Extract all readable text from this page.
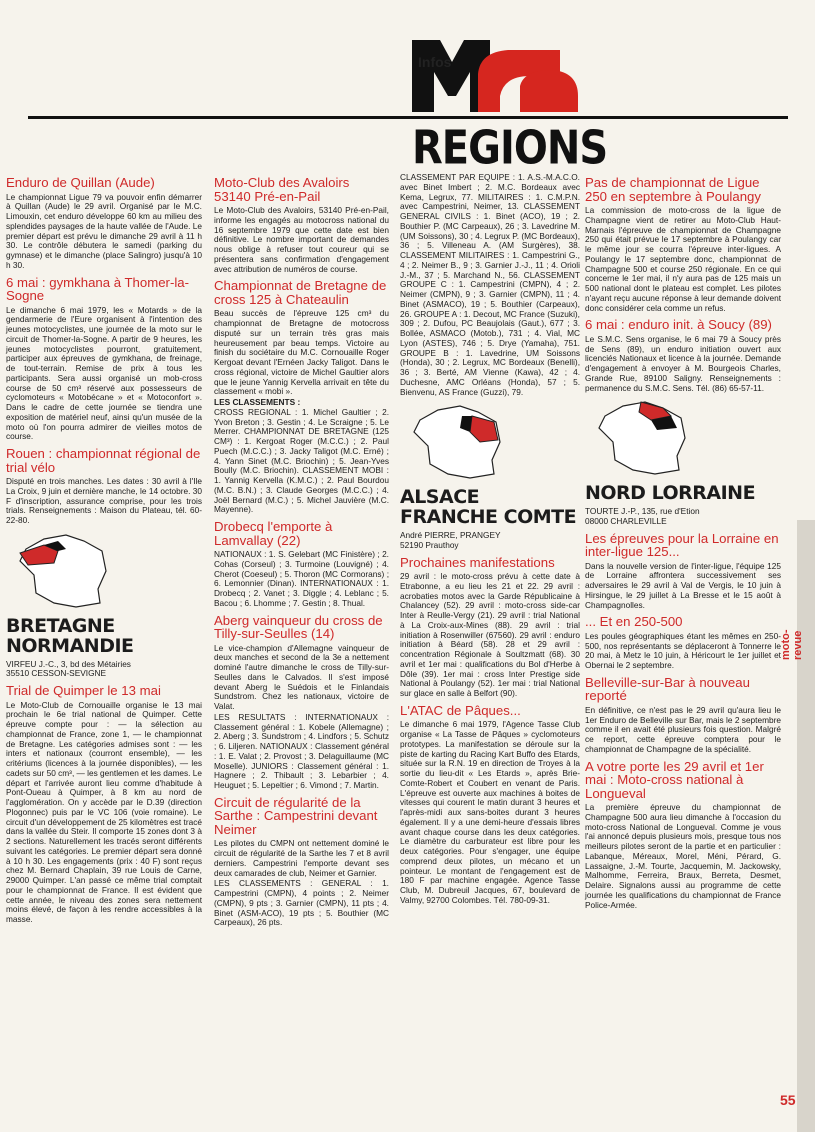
Infos
REGIONS
Enduro de Quillan (Aude)

Le championnat Ligue 79 va pouvoir enfin démarrer à Quillan (Aude) le 29 avril. Organisé par le M.C. Limouxin, cet enduro développe 60 km au milieu des splendides paysages de la haute vallée de l'Aude. Le premier départ est prévu le dimanche 29 avril à 11 h 30. Le contrôle débutera le samedi (parking du gymnase) et le dimanche (place Salingro) jusqu'à 10 h 30.

6 mai : gymkhana à Thomer-la-Sogne

Le dimanche 6 mai 1979, les « Motards » de la gendarmerie de l'Eure organisent à l'intention des jeunes motocyclistes, une journée de la moto sur le circuit de Thomer-la-Sogne. A partir de 9 heures, les jeunes motocyclistes pourront, gratuitement, participer aux épreuves de gymkhana, de freinage, de tout-terrain. Remise de prix à tous les participants. Sera aussi organisé un mob-cross course de 50 cm³ réservé aux possesseurs de cyclomoteurs « Motobécane » et « Motoconfort ». Dans le cadre de cette journée se tiendra une exposition de matériel neuf, ainsi qu'un musée de la moto où l'on pourra admirer de vieilles motos de course.

Rouen : championnat régional de trial vélo

Disputé en trois manches. Les dates : 30 avril à l'Ile La Croix, 9 juin et dernière manche, le 14 octobre. 30 F d'inscription, assurance comprise, pour les trois trials. Renseignements : Maison du Plateau, tél. 60-22-80.

BRETAGNE
NORMANDIE
VIRFEU J.-C., 3, bd des Métairies
35510 CESSON-SEVIGNE
Trial de Quimper le 13 mai

Le Moto-Club de Cornouaille organise le 13 mai prochain le 6e trial national de Quimper. Cette épreuve compte pour : — la sélection au championnat de France, zone 1, — le championnat de Bretagne. Les catégories admises sont : — les inters et nationaux (courront ensemble), — les critériums (licences à la journée disponibles), — les cadets sur 50 cm³, — les gentlemen et les dames. Le départ et l'arrivée auront lieu comme d'habitude à Pont-Oueau à Quimper, à 8 km au nord de l'agglomération. On y accède par le D.39 (direction Plogonnec) puis par le VC 106 (voie romaine). Le circuit d'un développement de 25 kilomètres est tracé dans la vallée du Steir. Il comporte 15 zones dont 3 à 2 sections. Naturellement les tracés seront différents suivant les catégories. Le premier départ sera donné à 10 h 30. Les engagements (prix : 40 F) sont reçus chez M. Bernard Chaplain, 39 rue Louis de Carne, 29000 Quimper. L'an passé ce même trial comptait pour le championnat de France. Il est évident que cette année, le niveau des zones sera nettement moins élevé, de façon à les rendre accessibles à la masse.

Moto-Club des Avaloirs 53140 Pré-en-Pail

Le Moto-Club des Avaloirs, 53140 Pré-en-Pail, informe les engagés au motocross national du 16 septembre 1979 que cette date est bien définitive. Le nombre important de demandes nous oblige à refuser tout coureur qui se présentera sans confirmation d'engagement avec attribution de numéros de course.

Championnat de Bretagne de cross 125 à Chateaulin

Beau succès de l'épreuve 125 cm³ du championnat de Bretagne de motocross disputé sur un terrain très gras mais heureusement par beau temps. Victoire au finish du sociétaire du M.C. Cornouaille Roger Kergoat devant l'Ernéen Jacky Taligot. Dans le cross régional, victoire de Michel Gaultier alors que le jeune Yannig Kervella arrivait en tête du classement « mobi ».

LES CLASSEMENTS :

CROSS REGIONAL : 1. Michel Gaultier ; 2. Yvon Breton ; 3. Gestin ; 4. Le Scraigne ; 5. Le Merrer. CHAMPIONNAT DE BRETAGNE (125 CM³) : 1. Kergoat Roger (M.C.C.) ; 2. Paul Puech (M.C.C.) ; 3. Jacky Taligot (M.C. Erné) ; 4. Yann Sinet (M.C. Briochin) ; 5. Jean-Yves Boully (M.C. Briochin). CLASSEMENT MOBI : 1. Yannig Kervella (K.M.C.) ; 2. Paul Bourdou (M.C. B.N.) ; 3. Claude Georges (M.C.C.) ; 4. Joël Bernard (M.C.) ; 5. Michel Jauvière (M.C. Mayenne).

Drobecq l'emporte à Lamvallay (22)

NATIONAUX : 1. S. Gelebart (MC Finistère) ; 2. Cohas (Corseul) ; 3. Turmoine (Louvigné) ; 4. Cherot (Coeseul) ; 5. Thoron (MC Cormorans) ; 6. Lemonnier (Dinan). INTERNATIONAUX : 1. Drobecq ; 2. Vanet ; 3. Diggle ; 4. Leblanc ; 5. Bacou ; 6. Lhomme ; 7. Gestin ; 8. Thual.

Aberg vainqueur du cross de Tilly-sur-Seulles (14)

Le vice-champion d'Allemagne vainqueur de deux manches et second de la 3e a nettement dominé l'autre dimanche le cross de Tilly-sur-Seulles dans le Calvados. Il s'est imposé devant Aberg le Suédois et le Finlandais Sundstrom. Chez les nationaux, victoire de Valat.

LES RESULTATS : INTERNATIONAUX : Classement général : 1. Kobele (Allemagne) ; 2. Aberg ; 3. Sundstrom ; 4. Lindfors ; 5. Schutz ; 6. Liljeren. NATIONAUX : Classement général : 1. E. Valat ; 2. Provost ; 3. Delaguillaume (MC Moselle). JUNIORS : Classement général : 1. Hagnere ; 2. Thibault ; 3. Lebarbier ; 4. Heuguet ; 5. Lepeltier ; 6. Vimond ; 7. Martin.

Circuit de régularité de la Sarthe : Campestrini devant Neimer

Les pilotes du CMPN ont nettement dominé le circuit de régularité de la Sarthe les 7 et 8 avril derniers. Campestrini l'emporte devant ses deux camarades de club, Neimer et Garnier.

LES CLASSEMENTS : GENERAL : 1. Campestrini (CMPN), 4 points ; 2. Neimer (CMPN), 9 pts ; 3. Garnier (CMPN), 11 pts ; 4. Binet (ASM-ACO), 19 pts ; 5. Bouthier (MC Carpeaux), 26 pts.

CLASSEMENT PAR EQUIPE : 1. A.S.-M.A.C.O. avec Binet Imbert ; 2. M.C. Bordeaux avec Kema, Legrux, 77. MILITAIRES : 1. C.M.P.N. avec Campestrini, Neimer, 13. CLASSEMENT GENERAL CIVILS : 1. Binet (ACO), 19 ; 2. Bouthier P. (MC Carpeaux), 26 ; 3. Lavedrine M. (UM Soissons), 30 ; 4. Legrux P. (MC Bordeaux), 36 ; 5. Villeneau A. (AM Surgères), 38. CLASSEMENT MILITAIRES : 1. Campestrini G., 4 ; 2. Neimer B., 9 ; 3. Garnier J.-J., 11 ; 4. Orioli J.-M., 37 ; 5. Marchand N., 56. CLASSEMENT GROUPE C : 1. Campestrini (CMPN), 4 ; 2. Neimer (CMPN), 9 ; 3. Garnier (CMPN), 11 ; 4. Binet (ASMACO), 19 ; 5. Bouthier (Carpeaux), 26. GROUPE A : 1. Decout, MC France (Suzuki), 309 ; 2. Dufou, PC Beaujolais (Gaut.), 677 ; 3. Bollée, ASMACO (Motob.), 731 ; 4. Vial, MC Lyon (ASTES), 746 ; 5. Drye (Yamaha), 751. GROUPE B : 1. Lavedrine, UM Soissons (Honda), 30 ; 2. Legrux, MC Bordeaux (Benelli), 36 ; 3. Berté, AM Vienne (Kawa), 42 ; 4. Duchesne, AMC Orléans (Honda), 57 ; 5. Bienvenu, AS France (Guzzi), 79.

ALSACE
FRANCHE COMTE
André PIERRE, PRANGEY
52190 Prauthoy
Prochaines manifestations

29 avril : le moto-cross prévu à cette date à Etrabonne, a eu lieu les 21 et 22. 29 avril : acrobaties motos avec la Garde Républicaine à Chalancey (52). 29 avril : moto-cross side-car Inter à Reulle-Vergy (21). 29 avril : trial National à La Croix-aux-Mines (88). 29 avril : trial initiation à Rosenwiller (67560). 29 avril : enduro initiation à Béard (58). 28 et 29 avril : concentration Régionale à Soultzmatt (68). 30 avril et 1er mai : qualifications du Bol d'Herbe à Dôle (39). 1er mai : cross Inter Prestige side National à Poulangy (52). 1er mai : trial National sur glace en salle à Belfort (90).

L'ATAC de Pâques...

Le dimanche 6 mai 1979, l'Agence Tasse Club organise « La Tasse de Pâques » cyclomoteurs prototypes. La manifestation se déroule sur la piste de karting du Racing Kart Buffo des Etards, située sur la R.N. 19 en direction de Troyes à la sortie du lieu-dit « Les Etards », après Brie-Comte-Robert et Coubert en venant de Paris. L'épreuve est ouverte aux machines à boites de vitesses qui courent le matin durant 3 heures et l'après-midi aux sans-boites durant 3 heures également. Il y a une demi-heure d'essais libres avant chaque course dans les deux catégories. Le diamètre du carburateur est libre pour les deux catégories. Pour s'engager, une équipe comprend deux pilotes, un mécano et un pointeur. Le montant de l'engagement est de 180 F par machine engagée. Agence Tasse Club, M. Dubreuil Jacques, 67, boulevard de Valmy, 92700 Colombes. Tél. 780-09-31.

Pas de championnat de Ligue 250 en septembre à Poulangy

La commission de moto-cross de la ligue de Champagne vient de retirer au Moto-Club Haut-Marnais l'épreuve de championnat de Champagne 250 qui était prévue le 17 septembre à Poulangy car le même jour se courra l'épreuve inter-ligues. A Poulangy le 17 septembre donc, championnat de Champagne 500 et course 250 régionale. En ce qui concerne le 1er mai, il n'y aura pas de 125 mais un 500 national dont le plateau est complet. Les pilotes n'ayant reçu aucune réponse à leur demande doivent donc considérer cela comme un refus.

6 mai : enduro init. à Soucy (89)

Le S.M.C. Sens organise, le 6 mai 79 à Soucy près de Sens (89), un enduro initiation ouvert aux licenciés Nationaux et licence à la journée. Demande d'engagement à envoyer à M. Bourgeois Charles, Grande Rue, 89100 Saligny. Renseignements : permanence du S.M.C. Sens. Tél. (86) 65-57-11.

NORD LORRAINE
TOURTE J.-P., 135, rue d'Etion
08000 CHARLEVILLE
Les épreuves pour la Lorraine en inter-ligue 125...

Dans la nouvelle version de l'inter-ligue, l'équipe 125 de Lorraine affrontera successivement ses adversaires le 29 avril à Val de Vergis, le 10 juin à Hirsingue, le 29 juillet à La Bresse et le 15 août à Champagnolles.

... Et en 250-500

Les poules géographiques étant les mêmes en 250-500, nos représentants se déplaceront à Tonnerre le 20 mai, à Metz le 10 juin, à Héricourt le 1er juillet et Obernai le 2 septembre.

Belleville-sur-Bar à nouveau reporté

En définitive, ce n'est pas le 29 avril qu'aura lieu le 1er Enduro de Belleville sur Bar, mais le 2 septembre comme il en avait été plusieurs fois question. Malgré ce report, cette épreuve comptera pour le championnat de Champagne de la spécialité.

A votre porte les 29 avril et 1er mai : Moto-cross national à Longueval

La première épreuve du championnat de Champagne 500 aura lieu dimanche à l'occasion du moto-cross National de Longueval. Comme je vous l'ai annoncé depuis plusieurs mois, presque tous nos meilleurs pilotes seront de la partie et en particulier : Labanque, Méreaux, Morel, Méni, Pérard, G. Lassaigne, J.-M. Tourte, Jacquemin, M. Jackowsky, Malhomme, Ferreira, Braux, Berreta, Desmet, Delaire. Signalons aussi au programme de cette journée les qualifications du championnat de France Police-Armée.

moto-revue
55
